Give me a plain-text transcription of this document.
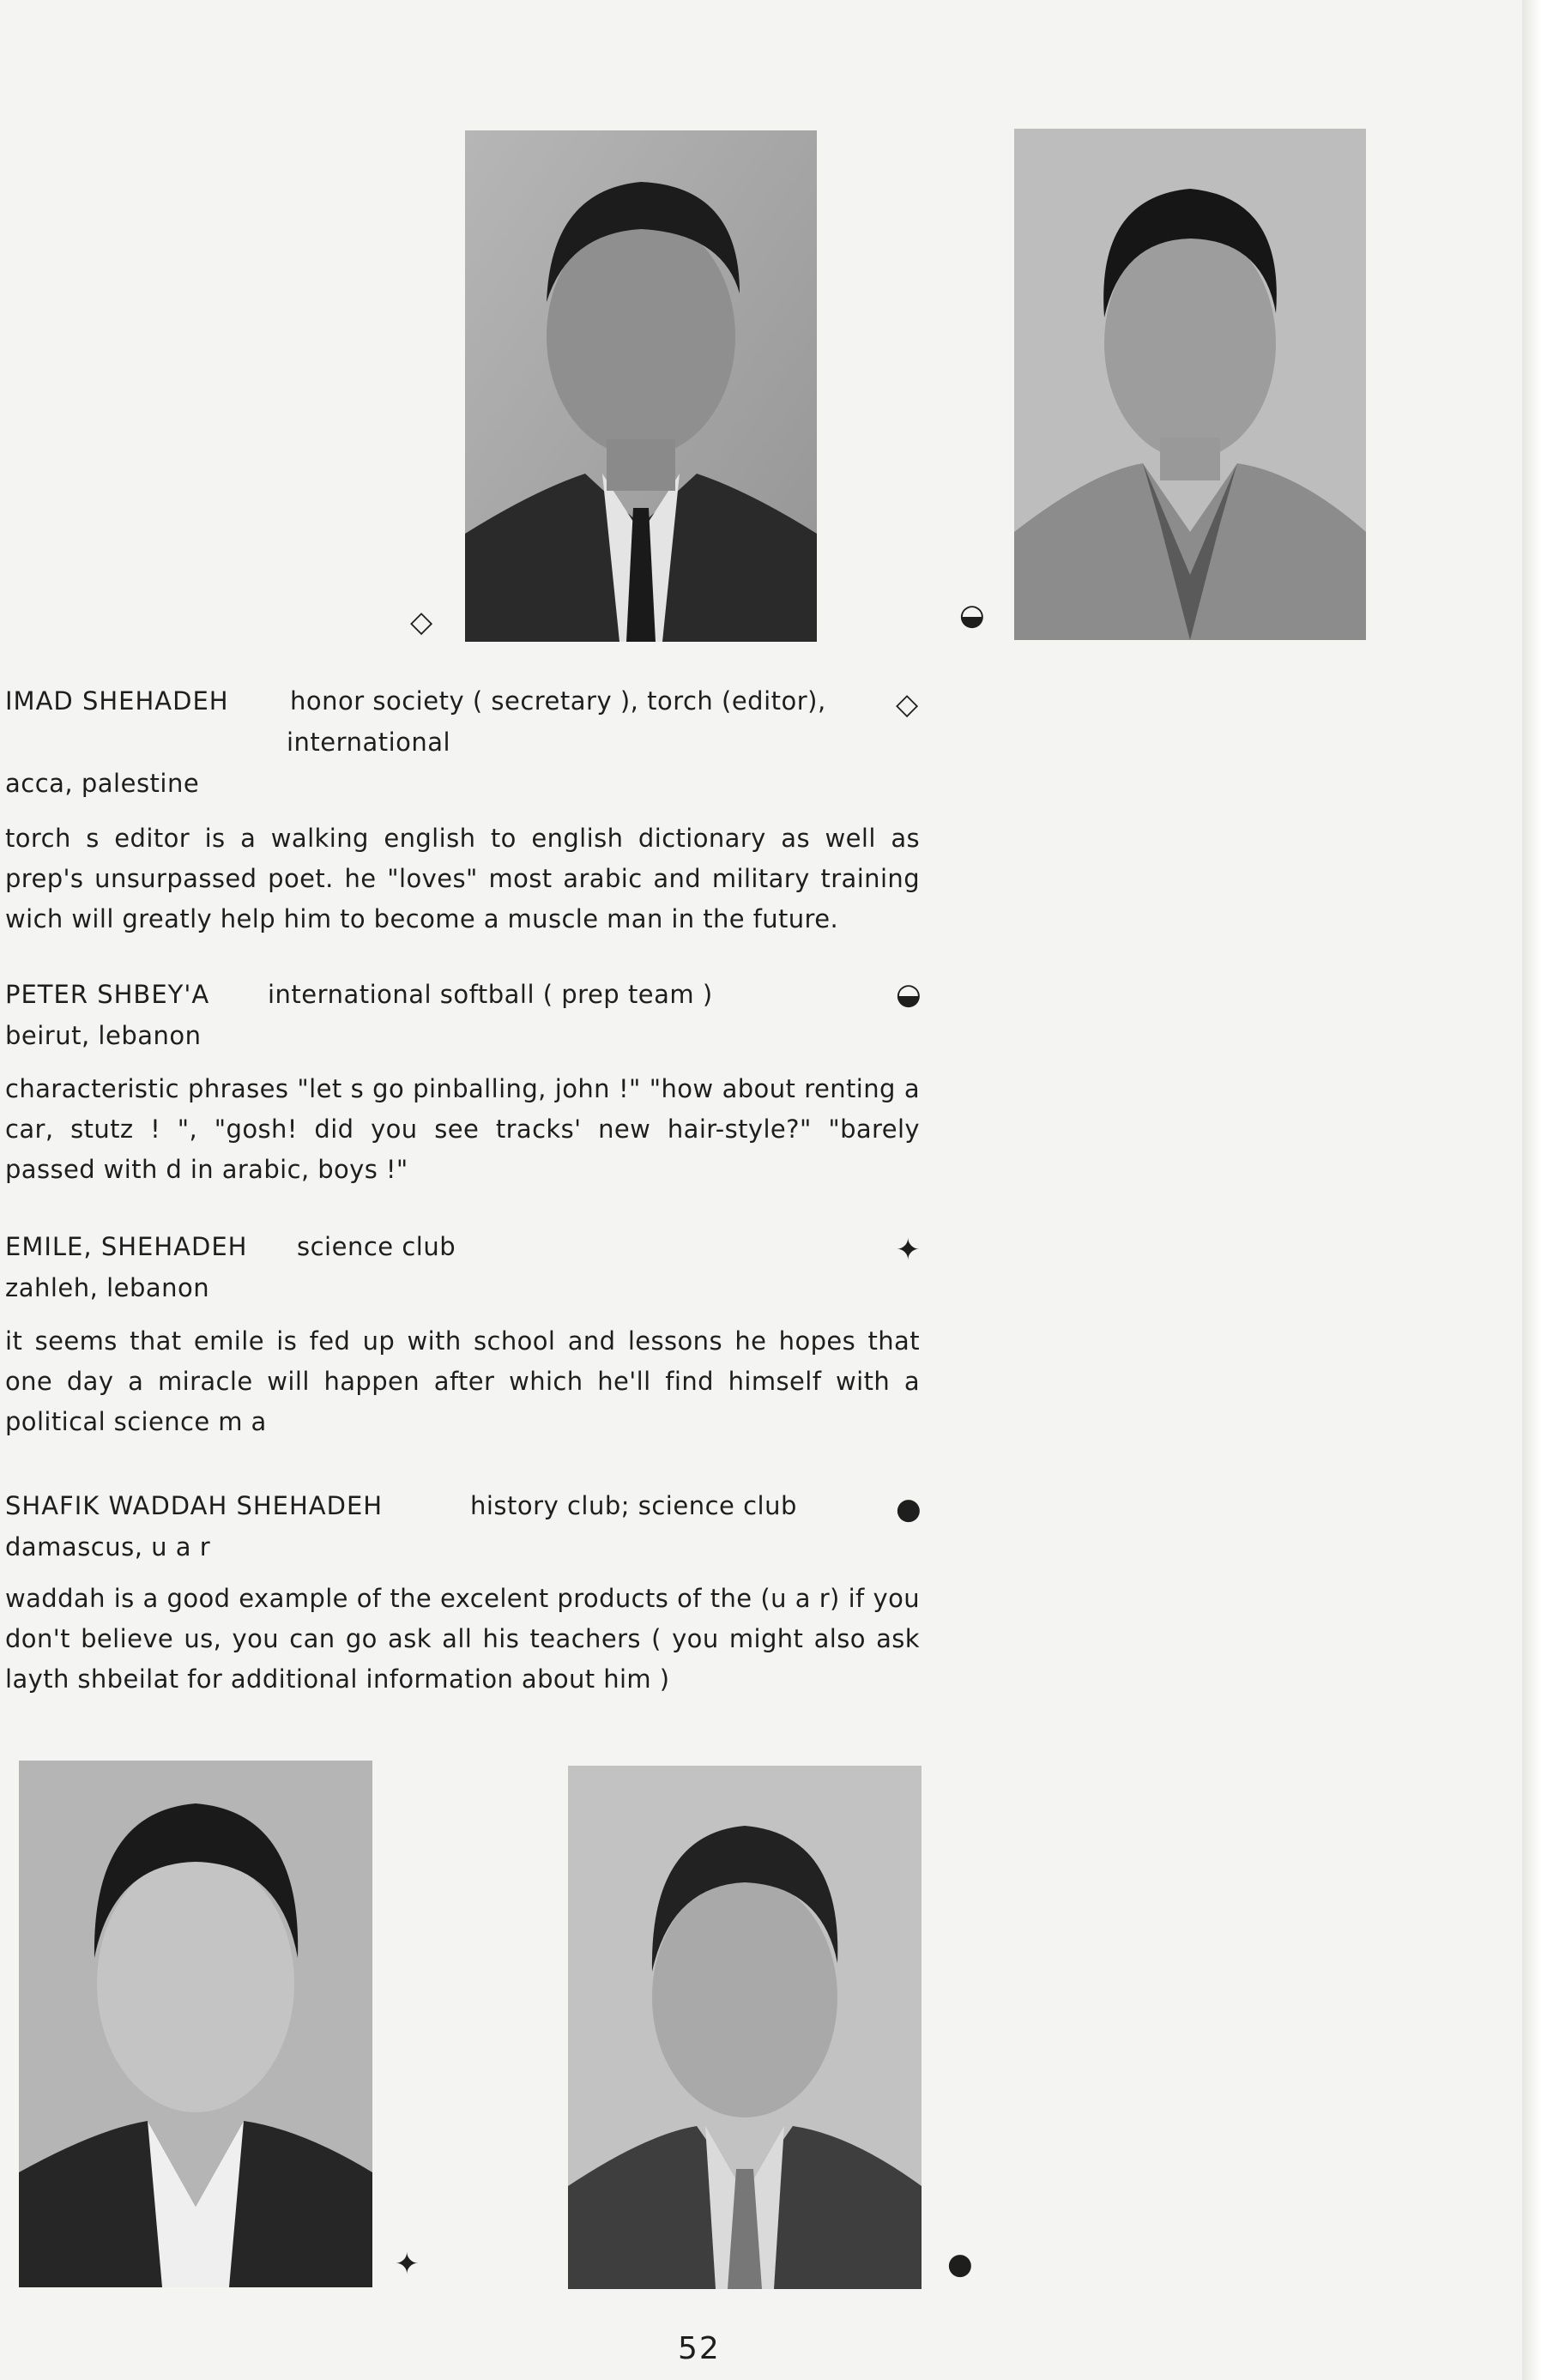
◇	◒
IMAD SHEHADEH honor society ( secretary ), torch (editor),
international
◇
acca, palestine
torch s editor is a walking english to english dictionary as well as prep's unsurpassed poet. he "loves" most arabic and military training wich will greatly help him to become a muscle man in the future.
PETER SHBEY'A international softball ( prep team )	◒
beirut, lebanon
characteristic phrases "let s go pinballing, john !" "how about renting a car, stutz ! ", "gosh! did you see tracks' new hair-style?" "barely passed with d in arabic, boys !"
EMILE, SHEHADEH science club	✦
zahleh, lebanon
it seems that emile is fed up with school and lessons he hopes that one day a miracle will happen after which he'll find himself with a political science m a
SHAFIK WADDAH SHEHADEH	history club; science club	●
damascus, u a r
waddah is a good example of the excelent products of the (u a r) if you don't believe us, you can go ask all his teachers ( you might also ask layth shbeilat for additional information about him )
✦	●
52
